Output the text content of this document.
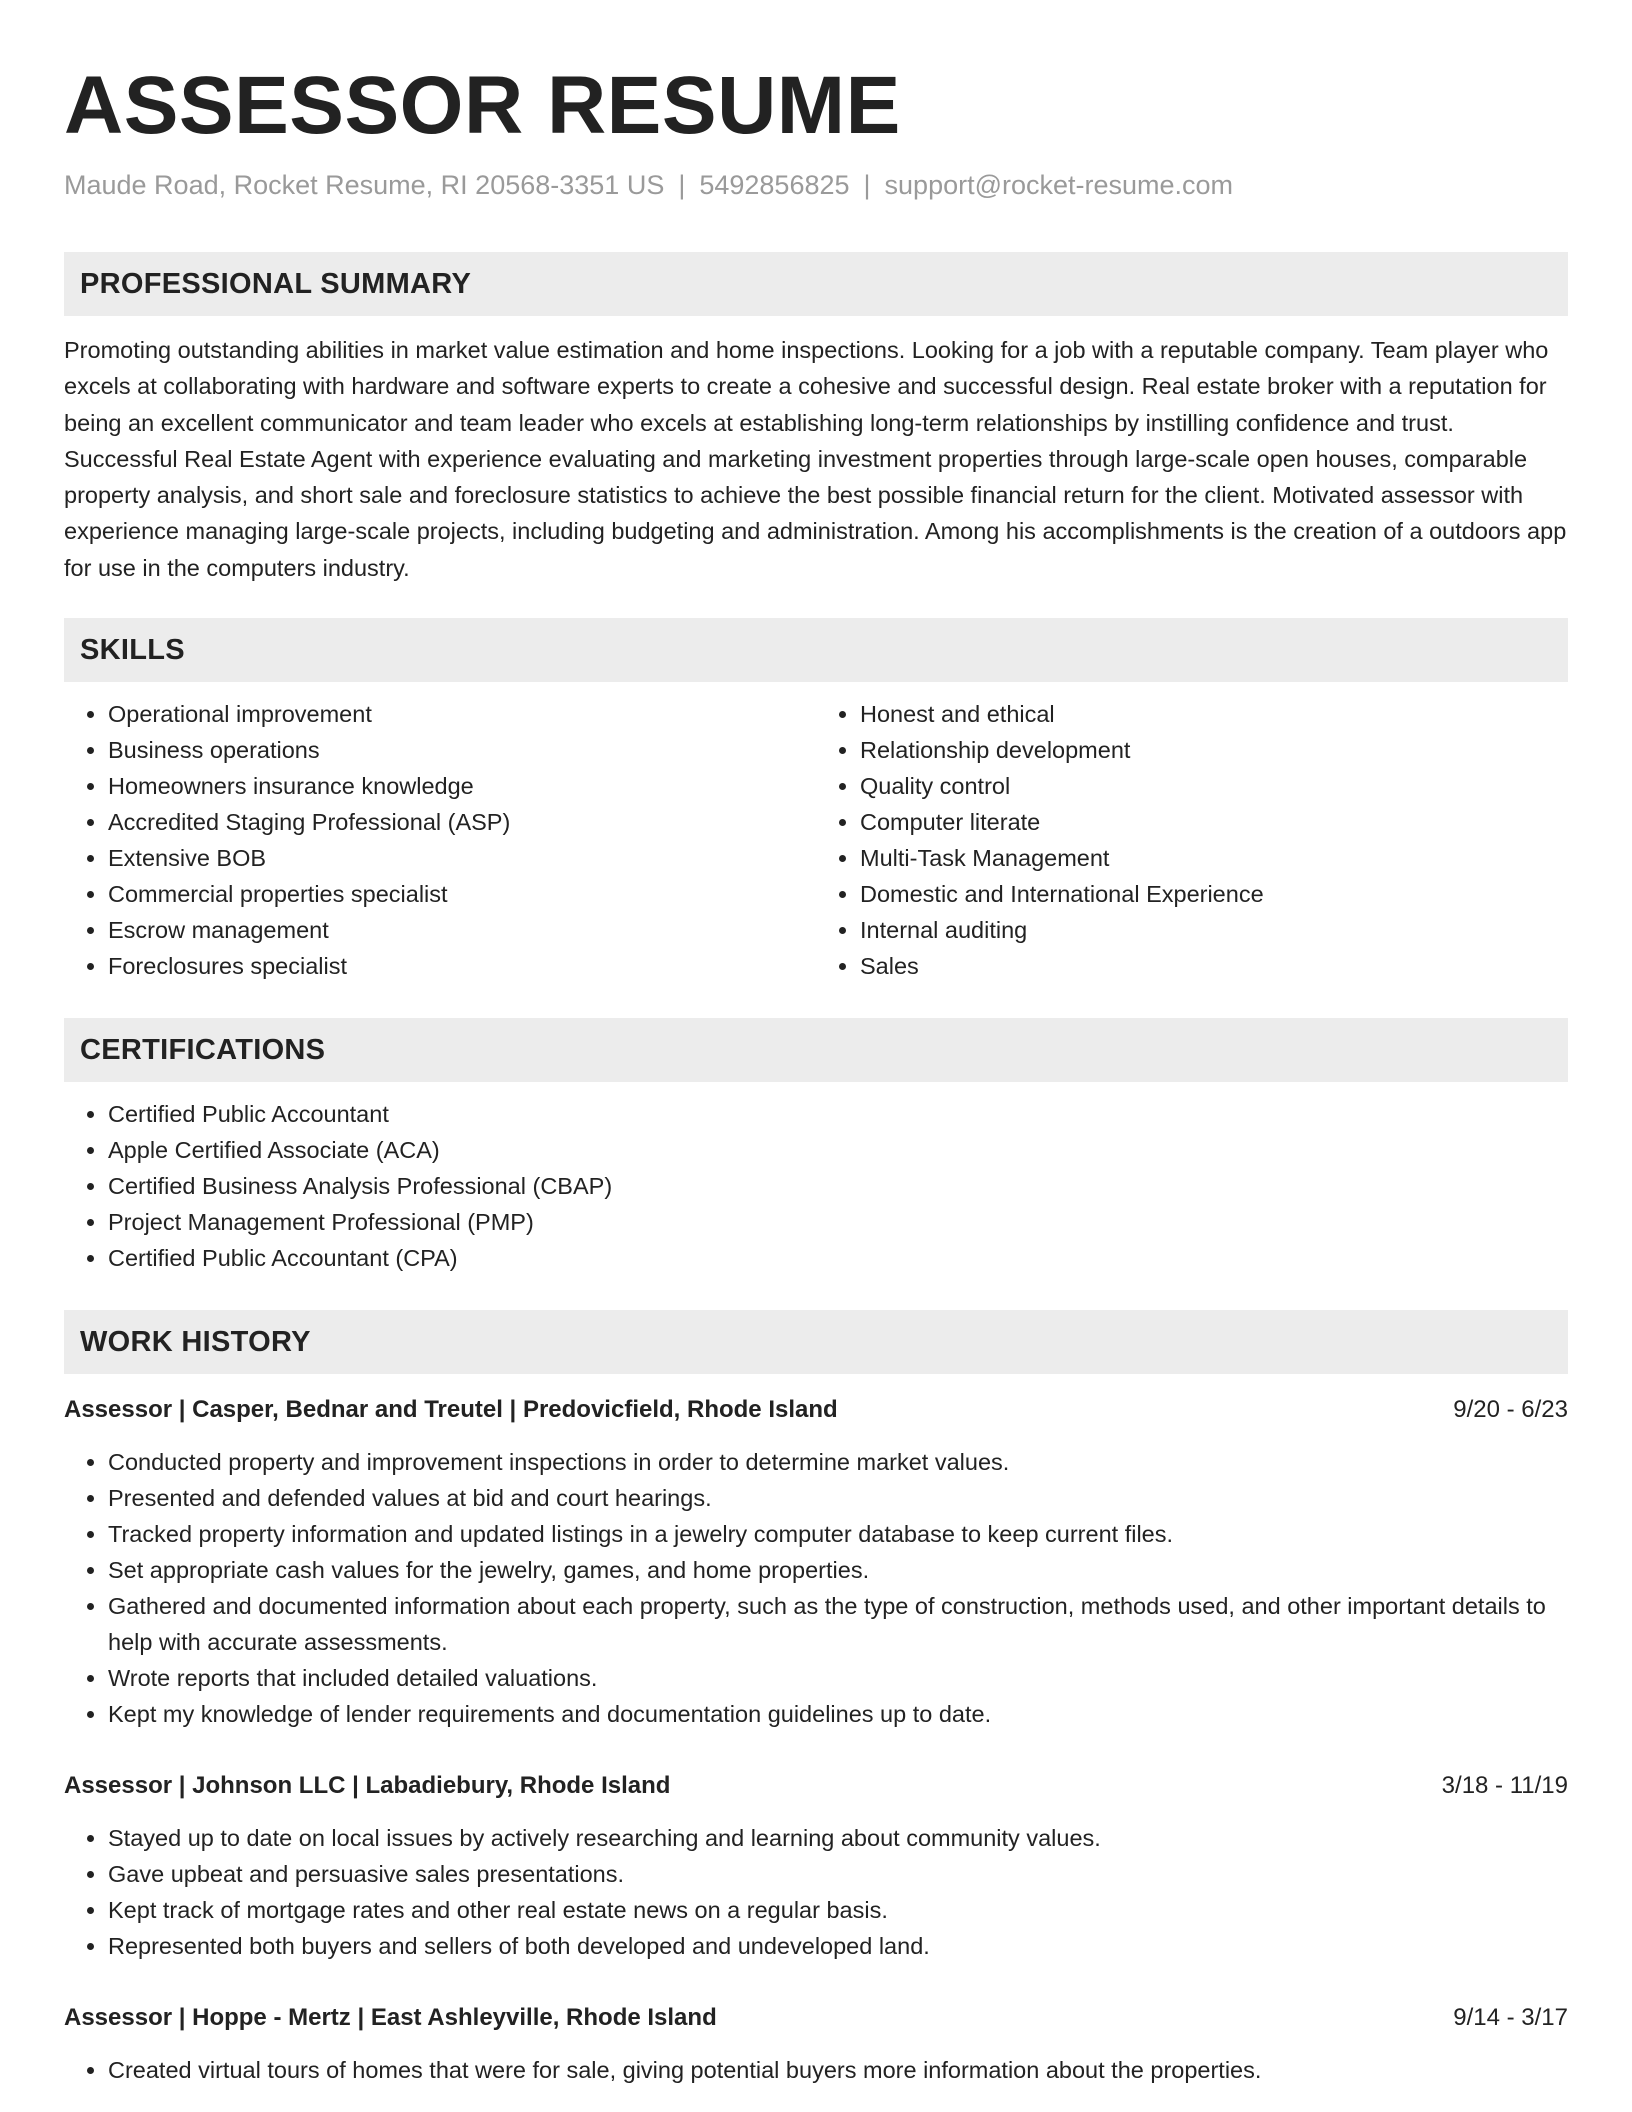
ASSESSOR RESUME
Maude Road, Rocket Resume, RI 20568-3351 US | 5492856825 | support@rocket-resume.com
PROFESSIONAL SUMMARY
Promoting outstanding abilities in market value estimation and home inspections. Looking for a job with a reputable company. Team player who excels at collaborating with hardware and software experts to create a cohesive and successful design. Real estate broker with a reputation for being an excellent communicator and team leader who excels at establishing long-term relationships by instilling confidence and trust. Successful Real Estate Agent with experience evaluating and marketing investment properties through large-scale open houses, comparable property analysis, and short sale and foreclosure statistics to achieve the best possible financial return for the client. Motivated assessor with experience managing large-scale projects, including budgeting and administration. Among his accomplishments is the creation of a outdoors app for use in the computers industry.
SKILLS
• Operational improvement
• Business operations
• Homeowners insurance knowledge
• Accredited Staging Professional (ASP)
• Extensive BOB
• Commercial properties specialist
• Escrow management
• Foreclosures specialist
• Honest and ethical
• Relationship development
• Quality control
• Computer literate
• Multi-Task Management
• Domestic and International Experience
• Internal auditing
• Sales
CERTIFICATIONS
• Certified Public Accountant
• Apple Certified Associate (ACA)
• Certified Business Analysis Professional (CBAP)
• Project Management Professional (PMP)
• Certified Public Accountant (CPA)
WORK HISTORY
Assessor | Casper, Bednar and Treutel | Predovicfield, Rhode Island	9/20 - 6/23
• Conducted property and improvement inspections in order to determine market values.
• Presented and defended values at bid and court hearings.
• Tracked property information and updated listings in a jewelry computer database to keep current files.
• Set appropriate cash values for the jewelry, games, and home properties.
• Gathered and documented information about each property, such as the type of construction, methods used, and other important details to help with accurate assessments.
• Wrote reports that included detailed valuations.
• Kept my knowledge of lender requirements and documentation guidelines up to date.
Assessor | Johnson LLC | Labadiebury, Rhode Island	3/18 - 11/19
• Stayed up to date on local issues by actively researching and learning about community values.
• Gave upbeat and persuasive sales presentations.
• Kept track of mortgage rates and other real estate news on a regular basis.
• Represented both buyers and sellers of both developed and undeveloped land.
Assessor | Hoppe - Mertz | East Ashleyville, Rhode Island	9/14 - 3/17
• Created virtual tours of homes that were for sale, giving potential buyers more information about the properties.
